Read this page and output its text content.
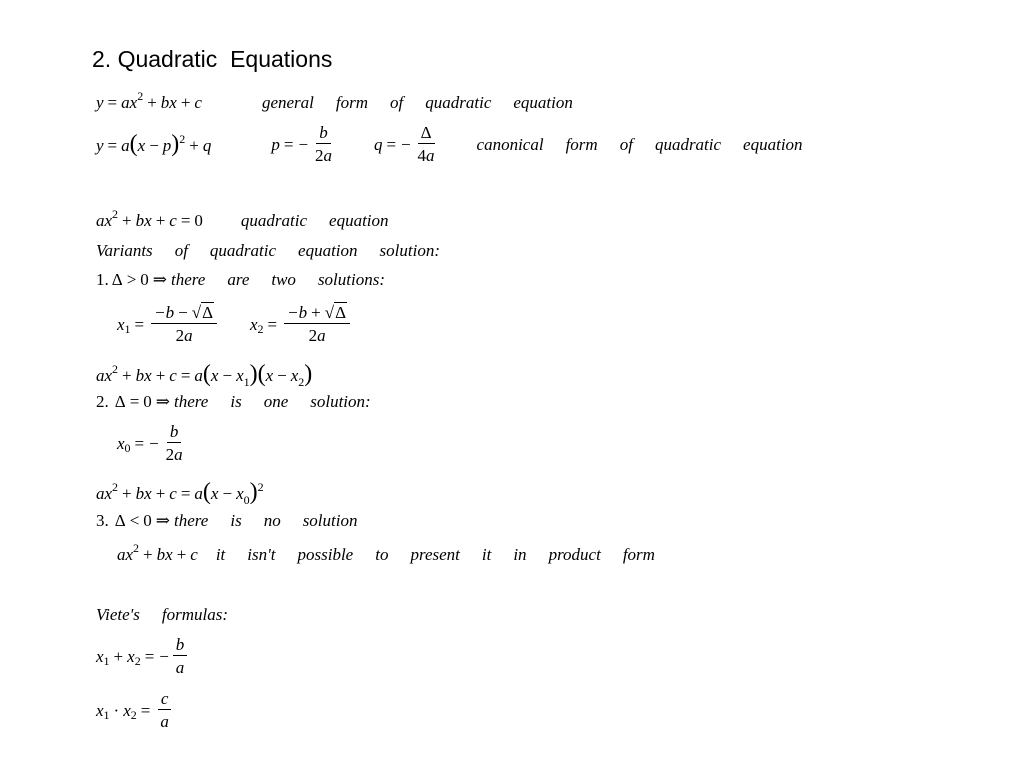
2. Quadratic  Equations
$y = ax^2$ + bx + c	general form of quadratic equation
$y = a(x - p)^2 + q$	p = − $\frac{b}{2a}$ q = − $\frac{\Delta}{4a}$ canonical form of quadratic equation
$ax^2$ + bx + c = 0 quadratic equation
Variants of quadratic equation solution:
1. Δ > 0 ⇒ there are two solutions:
$x_1 = \frac{-b - √\Delta}{2a} x_2 = \frac{-b + √\Delta}{2a}$
$ax^2$ + bx + $c = a(x - x_1)(x - x_2)$
2. Δ = 0 ⇒ there is one solution:
$x_0$ = − $\frac{b}{2a}$
$ax^2$ + bx + $c = a(x - x_0)^2$
3. Δ < 0 ⇒ there is no solution
$ax^2$ + bx + c it isn't possible to present it in product form
Viete's formulas:
$x_1 + x_2$ = − $\frac{b}{a}$
$x_1 \cdot x_2 = \frac{c}{a}$
